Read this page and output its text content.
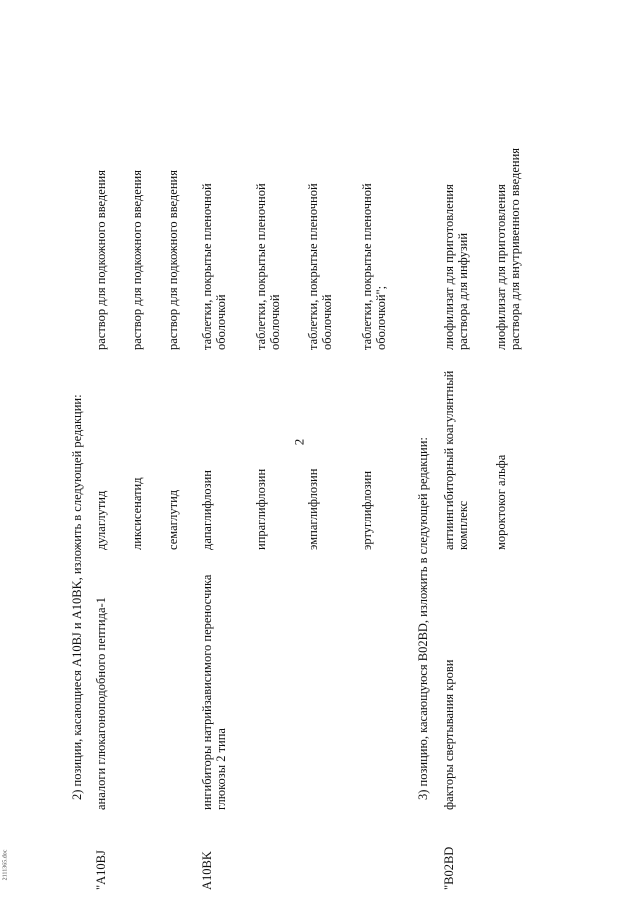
2
2111365.doc
2) позиции, касающиеся A10BJ и A10BK, изложить в следующей редакции:
"A10BJ
аналоги глюкагоноподобного пептида-1
дулаглутид
раствор для подкожного введения
ликсисенатид
раствор для подкожного введения
семаглутид
раствор для подкожного введения
A10BK
ингибиторы натрийзависимого переносчика глюкозы 2 типа
дапаглифлозин
таблетки, покрытые пленочной оболочкой
ипраглифлозин
таблетки, покрытые пленочной оболочкой
эмпаглифлозин
таблетки, покрытые пленочной оболочкой
эртуглифлозин
таблетки, покрытые пленочной оболочкой";
3) позицию, касающуюся B02BD, изложить в следующей редакции:
"B02BD
факторы свертывания крови
антиингибиторный коагулянтный комплекс
лиофилизат для приготовления раствора для инфузий
мороктоког альфа
лиофилизат для приготовления раствора для внутривенного введения
